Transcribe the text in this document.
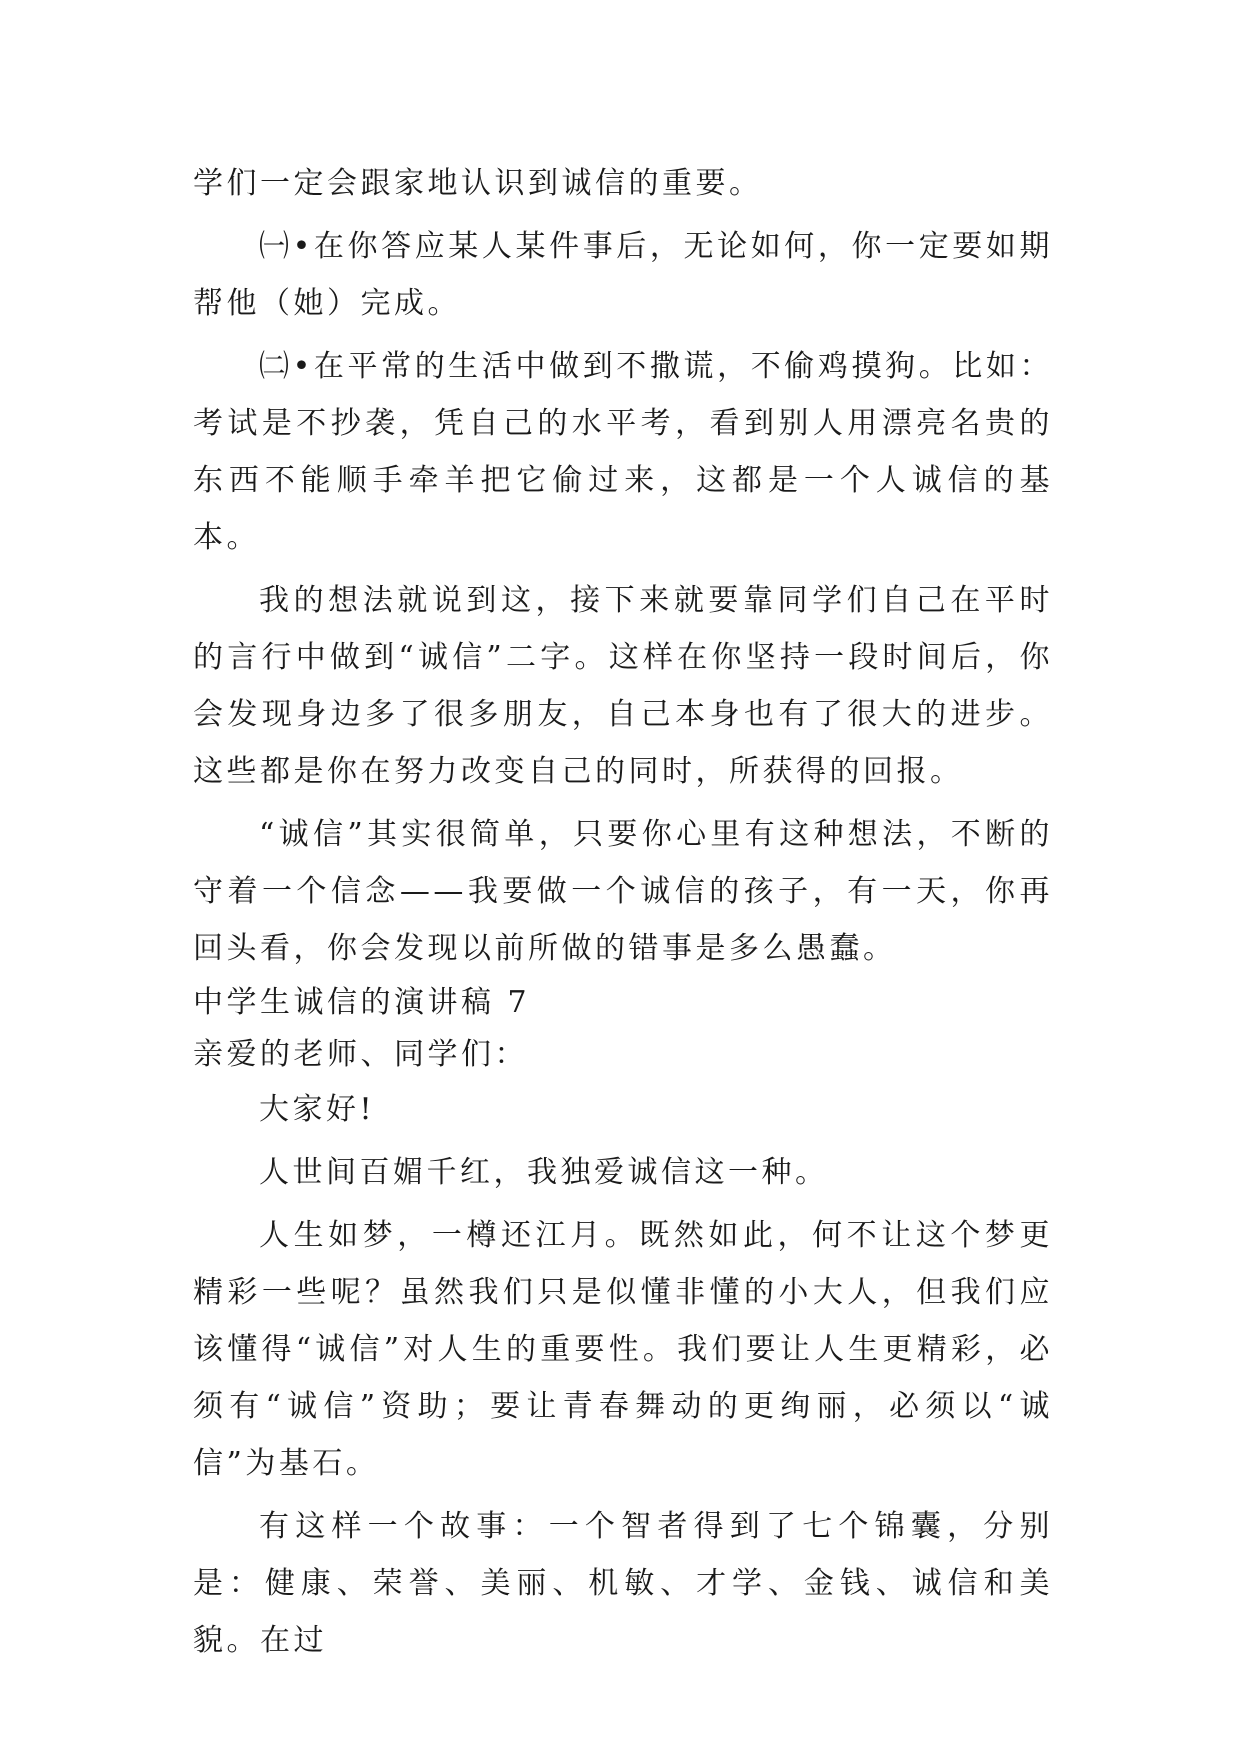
学们一定会跟家地认识到诚信的重要。

㈠•在你答应某人某件事后，无论如何，你一定要如期帮他（她）完成。

㈡•在平常的生活中做到不撒谎，不偷鸡摸狗。比如：考试是不抄袭，凭自己的水平考，看到别人用漂亮名贵的东西不能顺手牵羊把它偷过来，这都是一个人诚信的基本。

我的想法就说到这，接下来就要靠同学们自己在平时的言行中做到“诚信”二字。这样在你坚持一段时间后，你会发现身边多了很多朋友，自己本身也有了很大的进步。这些都是你在努力改变自己的同时，所获得的回报。

“诚信”其实很简单，只要你心里有这种想法，不断的守着一个信念——我要做一个诚信的孩子，有一天，你再回头看，你会发现以前所做的错事是多么愚蠢。

中学生诚信的演讲稿 7

亲爱的老师、同学们：

大家好!

人世间百媚千红，我独爱诚信这一种。

人生如梦，一樽还江月。既然如此，何不让这个梦更精彩一些呢？虽然我们只是似懂非懂的小大人，但我们应该懂得“诚信”对人生的重要性。我们要让人生更精彩，必须有“诚信”资助；要让青春舞动的更绚丽，必须以“诚信”为基石。

有这样一个故事：一个智者得到了七个锦囊，分别是：健康、荣誉、美丽、机敏、才学、金钱、诚信和美貌。在过
